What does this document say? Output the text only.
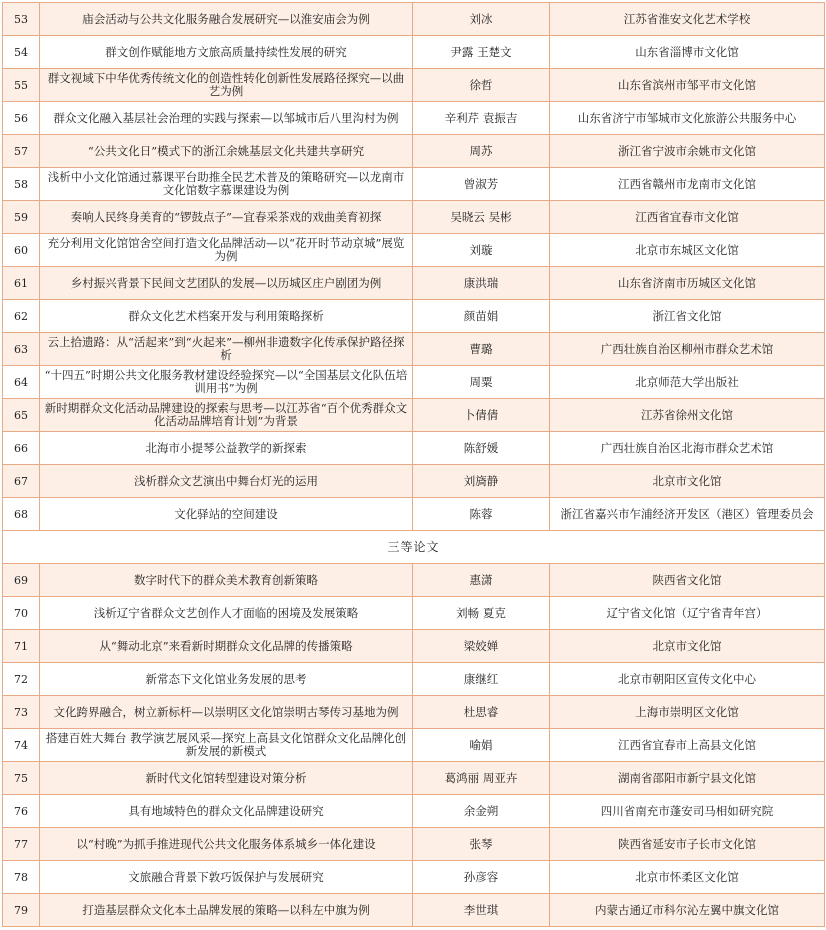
53	庙会活动与公共文化服务融合发展研究—以淮安庙会为例	刘冰	江苏省淮安文化艺术学校
54	群文创作赋能地方文旅高质量持续性发展的研究	尹露 王楚文	山东省淄博市文化馆
55	群文视域下中华优秀传统文化的创造性转化创新性发展路径探究—以曲艺为例	徐哲	山东省滨州市邹平市文化馆
56	群众文化融入基层社会治理的实践与探索—以邹城市后八里沟村为例	辛利芹 袁振吉	山东省济宁市邹城市文化旅游公共服务中心
57	“公共文化日”模式下的浙江余姚基层文化共建共享研究	周苏	浙江省宁波市余姚市文化馆
58	浅析中小文化馆通过慕课平台助推全民艺术普及的策略研究—以龙南市文化馆数字慕课建设为例	曾淑芳	江西省赣州市龙南市文化馆
59	奏响人民终身美育的“锣鼓点子”—宜春采茶戏的戏曲美育初探	吴晓云 吴彬	江西省宜春市文化馆
60	充分利用文化馆馆舍空间打造文化品牌活动—以“花开时节动京城”展览为例	刘璇	北京市东城区文化馆
61	乡村振兴背景下民间文艺团队的发展—以历城区庄户剧团为例	康洪瑞	山东省济南市历城区文化馆
62	群众文化艺术档案开发与利用策略探析	颜苗娟	浙江省文化馆
63	云上拾遗路：从“活起来”到“火起来”—柳州非遗数字化传承保护路径探析	曹璐	广西壮族自治区柳州市群众艺术馆
64	“十四五”时期公共文化服务教材建设经验探究—以“全国基层文化队伍培训用书”为例	周粟	北京师范大学出版社
65	新时期群众文化活动品牌建设的探索与思考—以江苏省“百个优秀群众文化活动品牌培育计划”为背景	卜倩倩	江苏省徐州文化馆
66	北海市小提琴公益教学的新探索	陈舒媛	广西壮族自治区北海市群众艺术馆
67	浅析群众文艺演出中舞台灯光的运用	刘旖静	北京市文化馆
68	文化驿站的空间建设	陈蓉	浙江省嘉兴市乍浦经济开发区（港区）管理委员会
三等论文			
69	数字时代下的群众美术教育创新策略	惠潇	陕西省文化馆
70	浅析辽宁省群众文艺创作人才面临的困境及发展策略	刘畅 夏克	辽宁省文化馆（辽宁省青年宫）
71	从“舞动北京”来看新时期群众文化品牌的传播策略	梁姣婵	北京市文化馆
72	新常态下文化馆业务发展的思考	康继红	北京市朝阳区宣传文化中心
73	文化跨界融合，树立新标杆—以崇明区文化馆崇明古琴传习基地为例	杜思睿	上海市崇明区文化馆
74	搭建百姓大舞台 教学演艺展风采—探究上高县文化馆群众文化品牌化创新发展的新模式	喻娟	江西省宜春市上高县文化馆
75	新时代文化馆转型建设对策分析	葛鸿丽 周亚卉	湖南省邵阳市新宁县文化馆
76	具有地域特色的群众文化品牌建设研究	余金朔	四川省南充市蓬安司马相如研究院
77	以“村晚”为抓手推进现代公共文化服务体系城乡一体化建设	张琴	陕西省延安市子长市文化馆
78	文旅融合背景下敦巧饭保护与发展研究	孙彦容	北京市怀柔区文化馆
79	打造基层群众文化本土品牌发展的策略—以科左中旗为例	李世琪	内蒙古通辽市科尔沁左翼中旗文化馆
